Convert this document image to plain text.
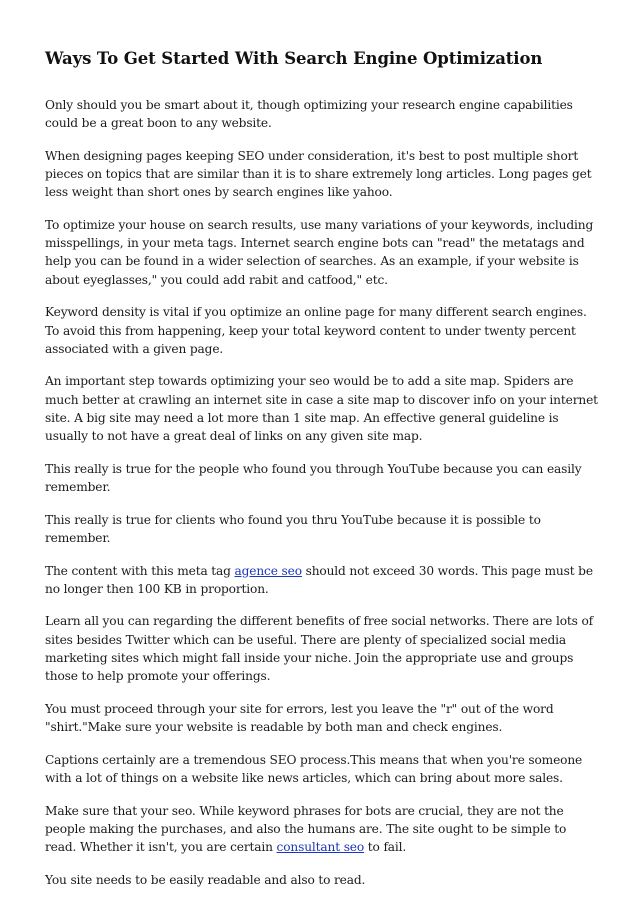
Ways To Get Started With Search Engine Optimization

Only should you be smart about it, though optimizing your research engine capabilities could be a great boon to any website.

When designing pages keeping SEO under consideration, it's best to post multiple short pieces on topics that are similar than it is to share extremely long articles. Long pages get less weight than short ones by search engines like yahoo.

To optimize your house on search results, use many variations of your keywords, including misspellings, in your meta tags. Internet search engine bots can "read" the metatags and help you can be found in a wider selection of searches. As an example, if your website is about eyeglasses," you could add rabit and catfood," etc.

Keyword density is vital if you optimize an online page for many different search engines. To avoid this from happening, keep your total keyword content to under twenty percent associated with a given page.

An important step towards optimizing your seo would be to add a site map. Spiders are much better at crawling an internet site in case a site map to discover info on your internet site. A big site may need a lot more than 1 site map. An effective general guideline is usually to not have a great deal of links on any given site map.

This really is true for the people who found you through YouTube because you can easily remember.

This really is true for clients who found you thru YouTube because it is possible to remember.

The content with this meta tag agence seo should not exceed 30 words. This page must be no longer then 100 KB in proportion.

Learn all you can regarding the different benefits of free social networks. There are lots of sites besides Twitter which can be useful. There are plenty of specialized social media marketing sites which might fall inside your niche. Join the appropriate use and groups those to help promote your offerings.

You must proceed through your site for errors, lest you leave the "r" out of the word "shirt."Make sure your website is readable by both man and check engines.

Captions certainly are a tremendous SEO process.This means that when you're someone with a lot of things on a website like news articles, which can bring about more sales.

Make sure that your seo. While keyword phrases for bots are crucial, they are not the people making the purchases, and also the humans are. The site ought to be simple to read. Whether it isn't, you are certain consultant seo to fail.

You site needs to be easily readable and also to read.
